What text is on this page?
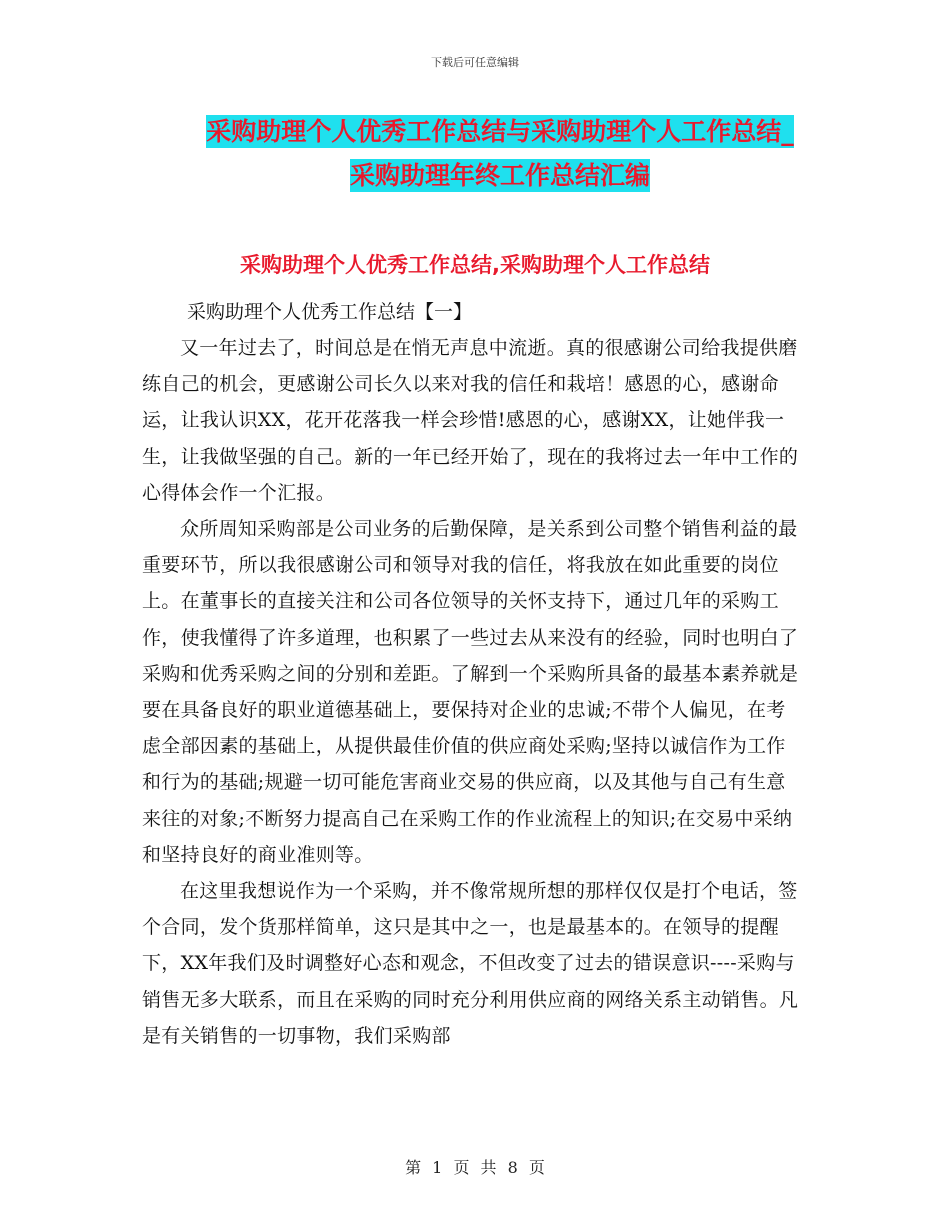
下载后可任意编辑
采购助理个人优秀工作总结与采购助理个人工作总结_
采购助理年终工作总结汇编
采购助理个人优秀工作总结,采购助理个人工作总结
采购助理个人优秀工作总结【一】

又一年过去了，时间总是在悄无声息中流逝。真的很感谢公司给我提供磨练自己的机会，更感谢公司长久以来对我的信任和栽培！感恩的心，感谢命运，让我认识XX，花开花落我一样会珍惜!感恩的心，感谢XX，让她伴我一生，让我做坚强的自己。新的一年已经开始了，现在的我将过去一年中工作的心得体会作一个汇报。

众所周知采购部是公司业务的后勤保障，是关系到公司整个销售利益的最重要环节，所以我很感谢公司和领导对我的信任，将我放在如此重要的岗位上。在董事长的直接关注和公司各位领导的关怀支持下，通过几年的采购工作，使我懂得了许多道理，也积累了一些过去从来没有的经验，同时也明白了采购和优秀采购之间的分别和差距。了解到一个采购所具备的最基本素养就是要在具备良好的职业道德基础上，要保持对企业的忠诚;不带个人偏见，在考虑全部因素的基础上，从提供最佳价值的供应商处采购;坚持以诚信作为工作和行为的基础;规避一切可能危害商业交易的供应商，以及其他与自己有生意来往的对象;不断努力提高自己在采购工作的作业流程上的知识;在交易中采纳和坚持良好的商业准则等。

在这里我想说作为一个采购，并不像常规所想的那样仅仅是打个电话，签个合同，发个货那样简单，这只是其中之一，也是最基本的。在领导的提醒下，XX年我们及时调整好心态和观念，不但改变了过去的错误意识----采购与销售无多大联系，而且在采购的同时充分利用供应商的网络关系主动销售。凡是有关销售的一切事物，我们采购部

第 1 页 共 8 页
